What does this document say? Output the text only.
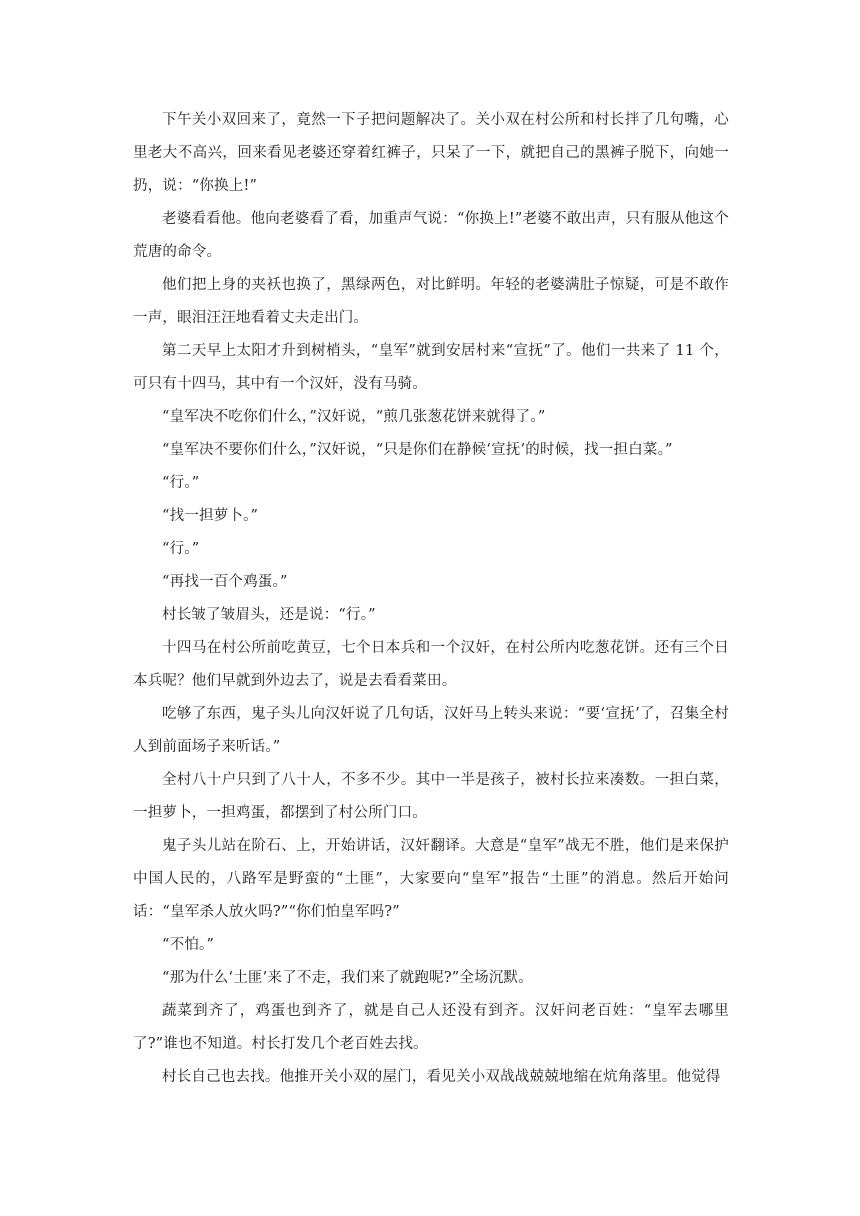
下午关小双回来了，竟然一下子把问题解决了。关小双在村公所和村长拌了几句嘴，心里老大不高兴，回来看见老婆还穿着红裤子，只呆了一下，就把自己的黑裤子脱下，向她一扔，说：“你换上!”

老婆看看他。他向老婆看了看，加重声气说：“你换上!”老婆不敢出声，只有服从他这个荒唐的命令。

他们把上身的夹袄也换了，黑绿两色，对比鲜明。年轻的老婆满肚子惊疑，可是不敢作一声，眼泪汪汪地看着丈夫走出门。

第二天早上太阳才升到树梢头，“皇军”就到安居村来“宣抚”了。他们一共来了 11 个，可只有十四马，其中有一个汉奸，没有马骑。

“皇军决不吃你们什么，”汉奸说，“煎几张葱花饼来就得了。”

“皇军决不要你们什么，”汉奸说，“只是你们在静候‘宣抚’的时候，找一担白菜。”

“行。”

“找一担萝卜。”

“行。”

“再找一百个鸡蛋。”

村长皱了皱眉头，还是说：“行。”

十四马在村公所前吃黄豆，七个日本兵和一个汉奸，在村公所内吃葱花饼。还有三个日本兵呢？他们早就到外边去了，说是去看看菜田。

吃够了东西，鬼子头儿向汉奸说了几句话，汉奸马上转头来说：“要‘宣抚’了，召集全村人到前面场子来听话。”

全村八十户只到了八十人，不多不少。其中一半是孩子，被村长拉来凑数。一担白菜，一担萝卜，一担鸡蛋，都摆到了村公所门口。

鬼子头儿站在阶石、上，开始讲话，汉奸翻译。大意是“皇军”战无不胜，他们是来保护中国人民的，八路军是野蛮的“土匪”，大家要向“皇军”报告“土匪”的消息。然后开始问话：“皇军杀人放火吗?”“你们怕皇军吗?”

“不怕。”

“那为什么‘土匪’来了不走，我们来了就跑呢?”全场沉默。

蔬菜到齐了，鸡蛋也到齐了，就是自己人还没有到齐。汉奸问老百姓：“皇军去哪里了?”谁也不知道。村长打发几个老百姓去找。

村长自己也去找。他推开关小双的屋门，看见关小双战战兢兢地缩在炕角落里。他觉得
